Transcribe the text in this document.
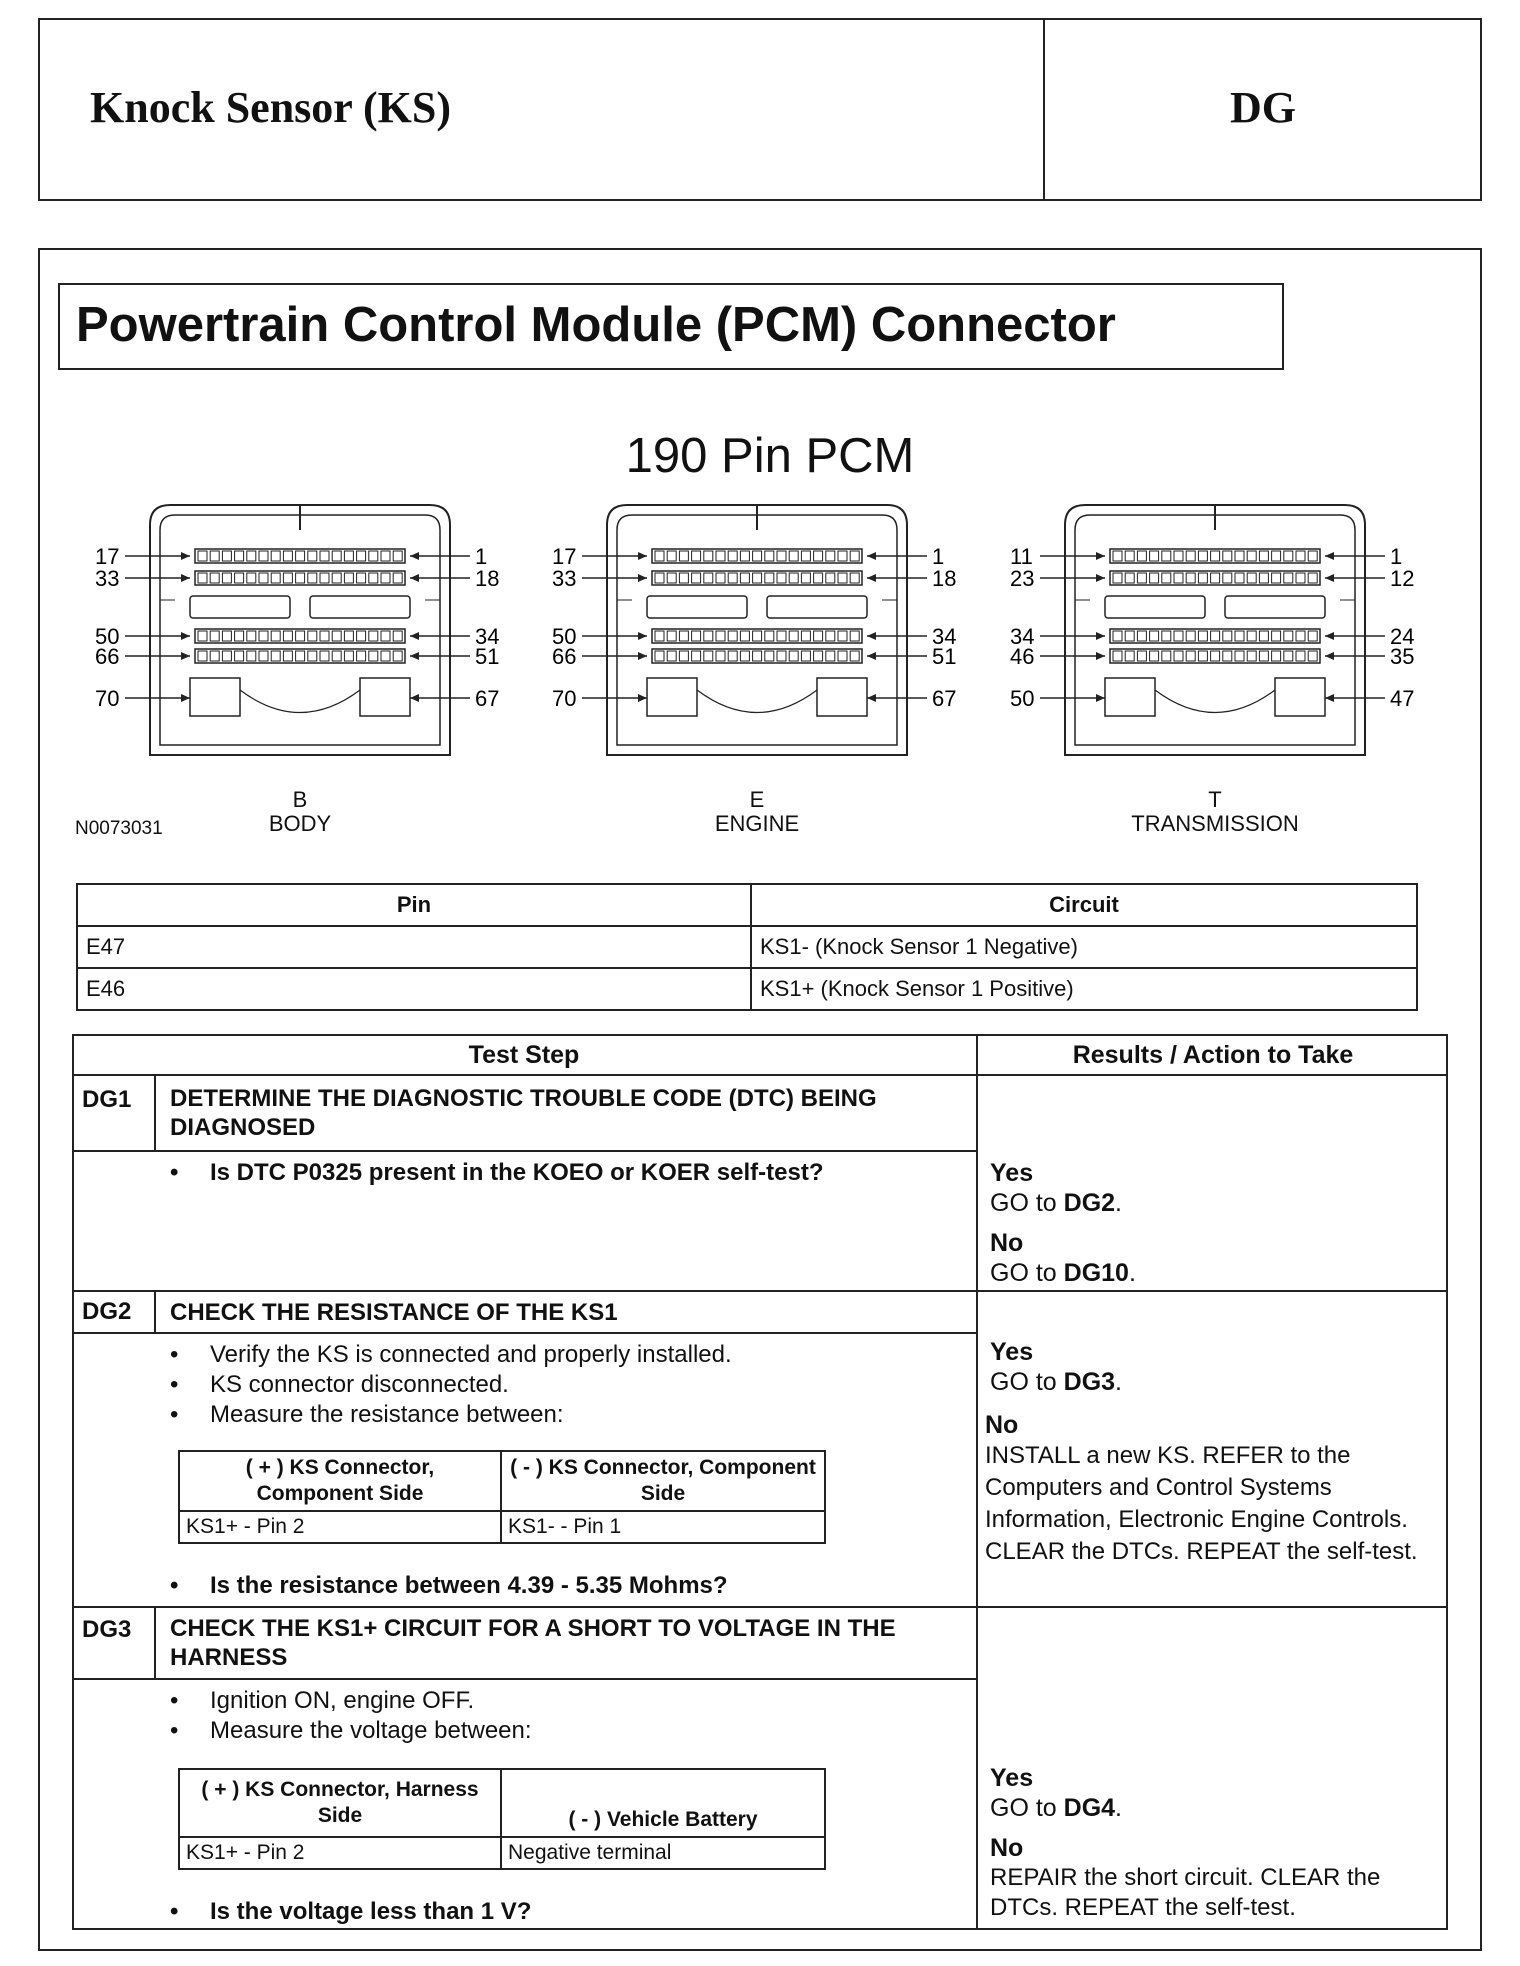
Knock Sensor (KS)	DG
Powertrain Control Module (PCM) Connector
190 Pin PCM
17
33
50
66
70
1
18
34
51
67
B
BODY
17
33
50
66
70
1
18
34
51
67
E
ENGINE
11
23
34
46
50
1
12
24
35
47
T
TRANSMISSION
N0073031
Pin	Circuit
E47	KS1- (Knock Sensor 1 Negative)
E46	KS1+ (Knock Sensor 1 Positive)
Test Step	Results / Action to Take
DG1 DETERMINE THE DIAGNOSTIC TROUBLE CODE (DTC) BEING DIAGNOSED
• Is DTC P0325 present in the KOEO or KOER self-test?	Yes
GO to DG2.
No
GO to DG10.
DG2 CHECK THE RESISTANCE OF THE KS1
• Verify the KS is connected and properly installed.
• KS connector disconnected.
• Measure the resistance between:
( + ) KS Connector, Component Side	( - ) KS Connector, Component Side
KS1+ - Pin 2	KS1- - Pin 1
• Is the resistance between 4.39 - 5.35 Mohms?
Yes
GO to DG3.
No
INSTALL a new KS. REFER to the Computers and Control Systems Information, Electronic Engine Controls. CLEAR the DTCs. REPEAT the self-test.
DG3 CHECK THE KS1+ CIRCUIT FOR A SHORT TO VOLTAGE IN THE HARNESS
• Ignition ON, engine OFF.
• Measure the voltage between:
( + ) KS Connector, Harness Side	( - ) Vehicle Battery
KS1+ - Pin 2	Negative terminal
• Is the voltage less than 1 V?
Yes
GO to DG4.
No
REPAIR the short circuit. CLEAR the DTCs. REPEAT the self-test.
